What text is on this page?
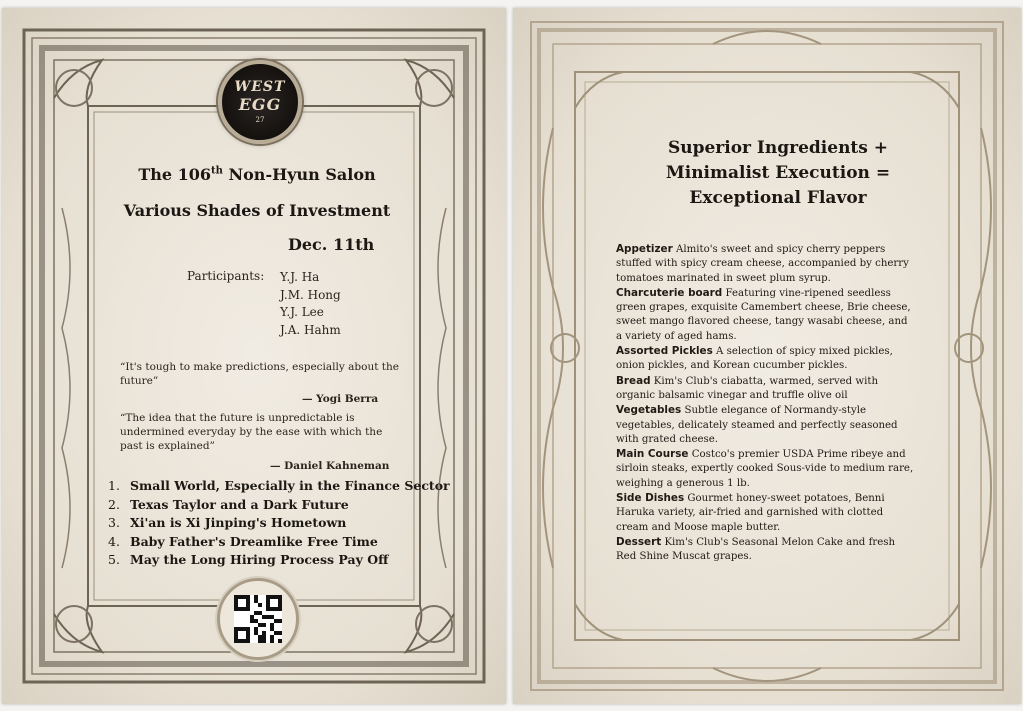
WEST
EGG
27
The 106th Non-Hyun Salon
Various Shades of Investment
Dec. 11th
Participants: Y.J. Ha
J.M. Hong
Y.J. Lee
J.A. Hahm
“It's tough to make predictions, especially about the future”
— Yogi Berra
“The idea that the future is unpredictable is undermined everyday by the ease with which the past is explained”
— Daniel Kahneman
1. Small World, Especially in the Finance Sector
2. Texas Taylor and a Dark Future
3. Xi'an is Xi Jinping's Hometown
4. Baby Father's Dreamlike Free Time
5. May the Long Hiring Process Pay Off
Superior Ingredients +
Minimalist Execution =
Exceptional Flavor

Appetizer Almito's sweet and spicy cherry peppers stuffed with spicy cream cheese, accompanied by cherry tomatoes marinated in sweet plum syrup.

Charcuterie board Featuring vine-ripened seedless green grapes, exquisite Camembert cheese, Brie cheese, sweet mango flavored cheese, tangy wasabi cheese, and a variety of aged hams.

Assorted Pickles A selection of spicy mixed pickles, onion pickles, and Korean cucumber pickles.

Bread Kim's Club's ciabatta, warmed, served with organic balsamic vinegar and truffle olive oil

Vegetables Subtle elegance of Normandy-style vegetables, delicately steamed and perfectly seasoned with grated cheese.

Main Course Costco's premier USDA Prime ribeye and sirloin steaks, expertly cooked Sous-vide to medium rare, weighing a generous 1 lb.

Side Dishes Gourmet honey-sweet potatoes, Benni Haruka variety, air-fried and garnished with clotted cream and Moose maple butter.

Dessert Kim's Club's Seasonal Melon Cake and fresh Red Shine Muscat grapes.
